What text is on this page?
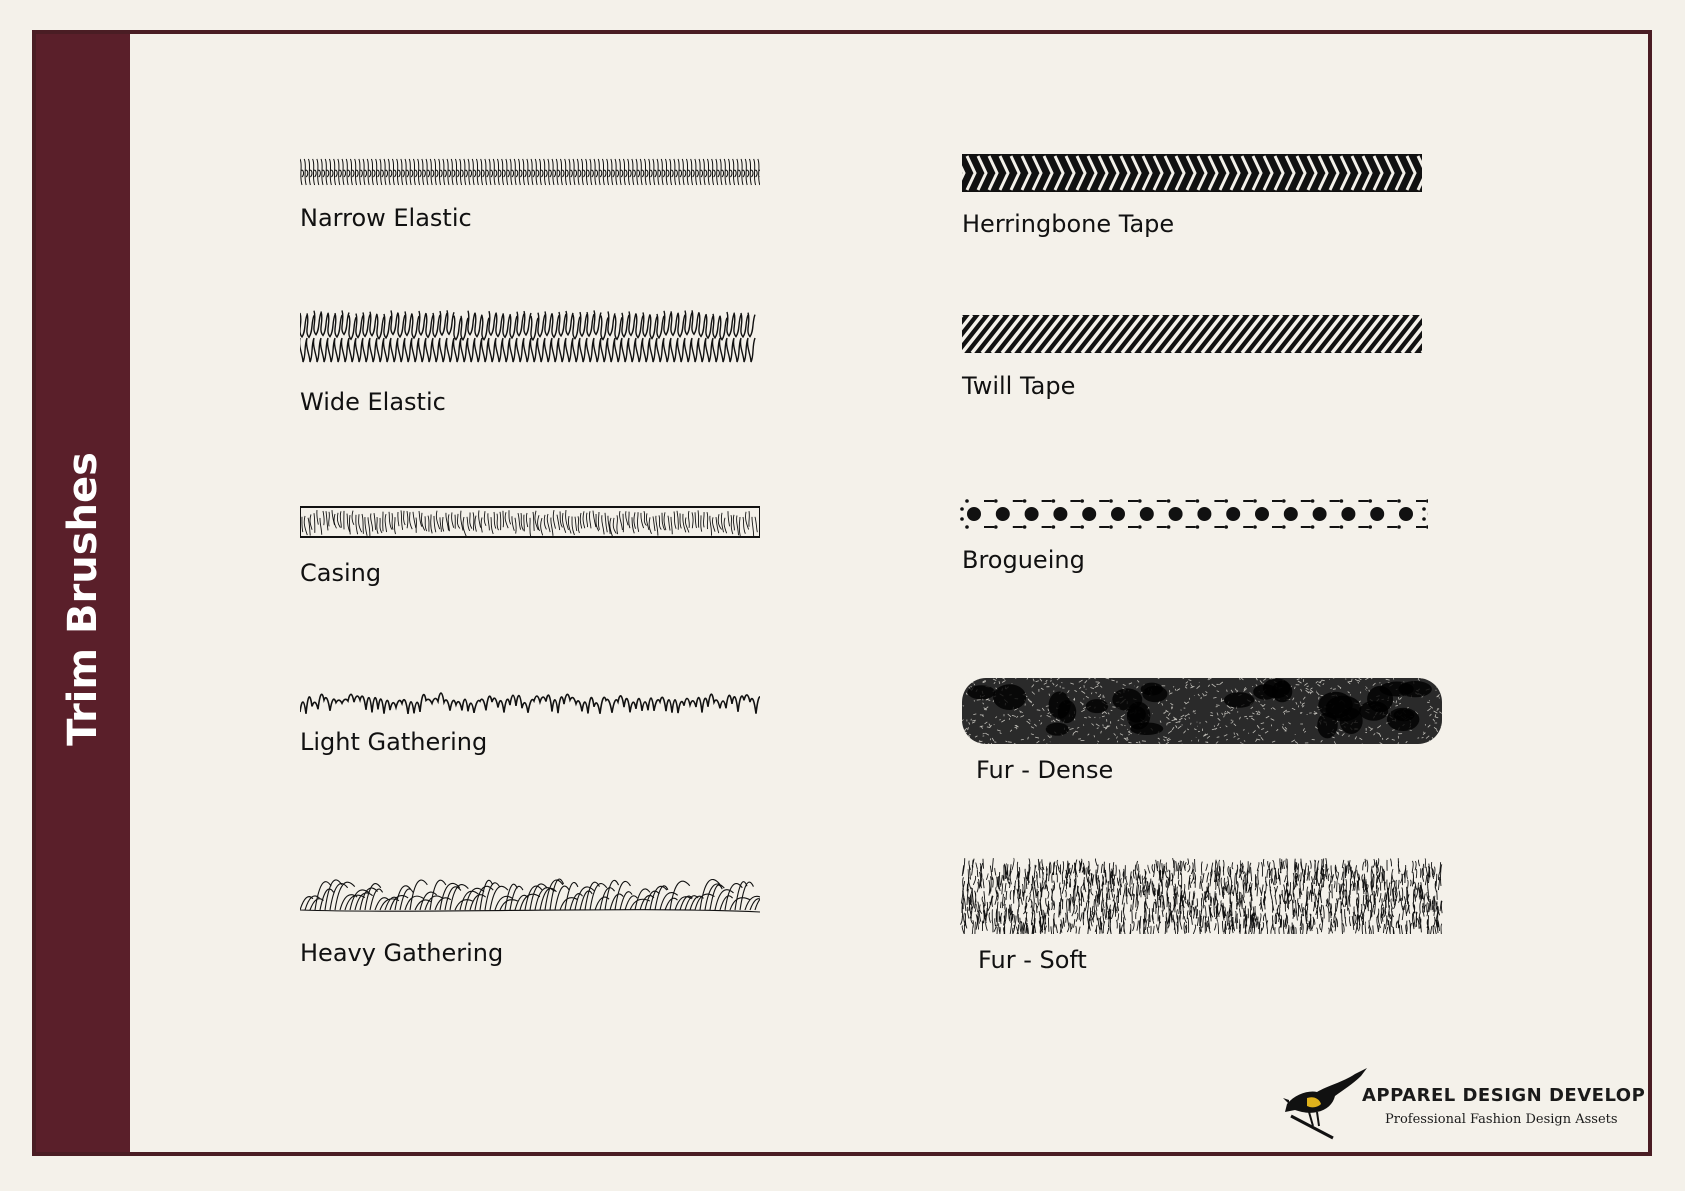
Trim Brushes
Narrow Elastic
Wide Elastic
Casing
Light Gathering
Heavy Gathering
Herringbone Tape
Twill Tape
Brogueing
Fur - Dense
Fur - Soft
APPAREL DESIGN DEVELOP
Professional Fashion Design Assets
